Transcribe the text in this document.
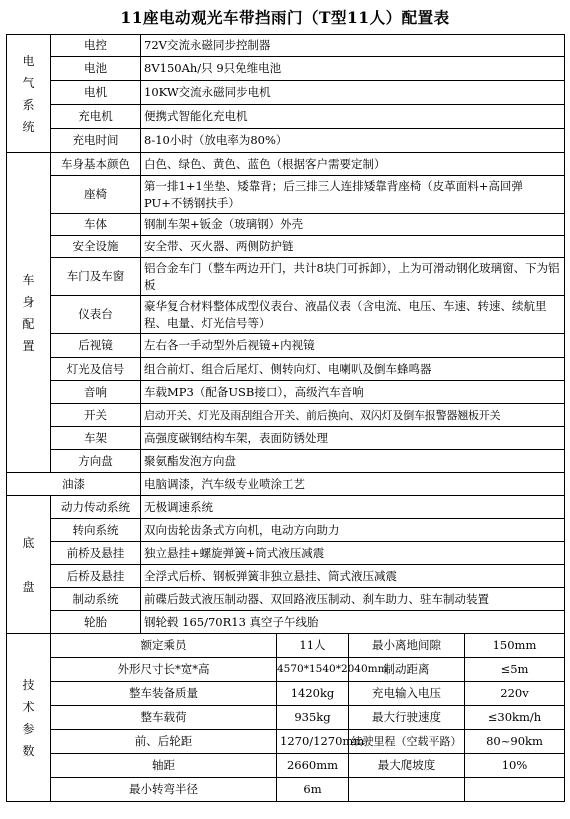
11座电动观光车带挡雨门（T型11人）配置表
电气系统	电控	72V交流永磁同步控制器			
	电池	8V150Ah/只 9只免维电池			
	电机	10KW交流永磁同步电机			
	充电机	便携式智能化充电机			
	充电时间	8-10小时（放电率为80%）			
车身配置	车身基本颜色	白色、绿色、黄色、蓝色（根据客户需要定制）			
	座椅	第一排1+1坐垫、矮靠背；后三排三人连排矮靠背座椅（皮革面料+高回弹PU+不锈钢扶手）			
	车体	钢制车架+钣金（玻璃钢）外壳			
	安全设施	安全带、灭火器、两侧防护链			
	车门及车窗	铝合金车门（整车两边开门，共计8块门可拆卸），上为可滑动钢化玻璃窗、下为铝板			
	仪表台	豪华复合材料整体成型仪表台、液晶仪表（含电流、电压、车速、转速、续航里程、电量、灯光信号等）			
	后视镜	左右各一手动型外后视镜+内视镜			
	灯光及信号	组合前灯、组合后尾灯、侧转向灯、电喇叭及倒车蜂鸣器			
	音响	车载MP3（配备USB接口），高级汽车音响			
	开关	启动开关、灯光及雨刮组合开关、前后换向、双闪灯及倒车报警器翘板开关			
	车架	高强度碳钢结构车架，表面防锈处理			
	方向盘	聚氨酯发泡方向盘			
油漆		电脑调漆，汽车级专业喷涂工艺			
底盘	动力传动系统	无极调速系统			
	转向系统	双向齿轮齿条式方向机，电动方向助力			
	前桥及悬挂	独立悬挂+螺旋弹簧+筒式液压减震			
	后桥及悬挂	全浮式后桥、钢板弹簧非独立悬挂、筒式液压减震			
	制动系统	前碟后鼓式液压制动器、双回路液压制动、刹车助力、驻车制动装置			
	轮胎	钢轮毂 165/70R13 真空子午线胎			
技术参数	额定乘员		11人	最小离地间隙	150mm
	外形尺寸长*宽*高		4570*1540*2040mm	制动距离	≤5m
	整车装备质量		1420kg	充电输入电压	220v
	整车载荷		935kg	最大行驶速度	≤30km/h
	前、后轮距		1270/1270mm	续驶里程（空载平路）	80~90km
	轴距		2660mm	最大爬坡度	10%
	最小转弯半径		6m		
